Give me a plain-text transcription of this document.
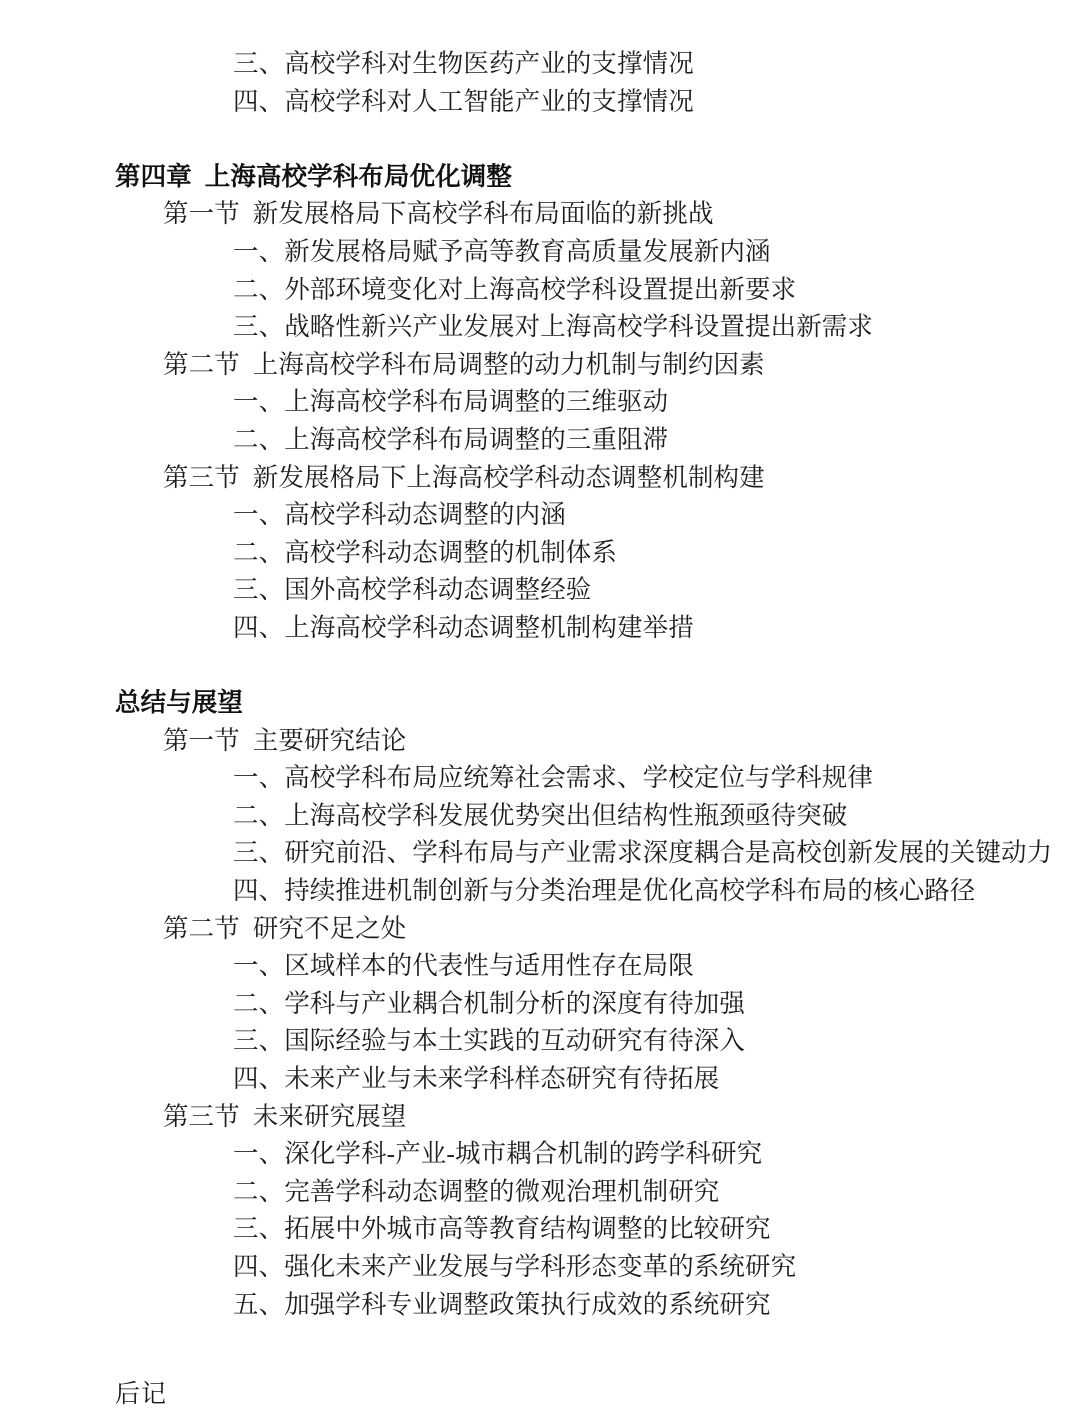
三、高校学科对生物医药产业的支撑情况
四、高校学科对人工智能产业的支撑情况
第四章  上海高校学科布局优化调整
第一节  新发展格局下高校学科布局面临的新挑战
一、新发展格局赋予高等教育高质量发展新内涵
二、外部环境变化对上海高校学科设置提出新要求
三、战略性新兴产业发展对上海高校学科设置提出新需求
第二节  上海高校学科布局调整的动力机制与制约因素
一、上海高校学科布局调整的三维驱动
二、上海高校学科布局调整的三重阻滞
第三节  新发展格局下上海高校学科动态调整机制构建
一、高校学科动态调整的内涵
二、高校学科动态调整的机制体系
三、国外高校学科动态调整经验
四、上海高校学科动态调整机制构建举措
总结与展望
第一节  主要研究结论
一、高校学科布局应统筹社会需求、学校定位与学科规律
二、上海高校学科发展优势突出但结构性瓶颈亟待突破
三、研究前沿、学科布局与产业需求深度耦合是高校创新发展的关键动力
四、持续推进机制创新与分类治理是优化高校学科布局的核心路径
第二节  研究不足之处
一、区域样本的代表性与适用性存在局限
二、学科与产业耦合机制分析的深度有待加强
三、国际经验与本土实践的互动研究有待深入
四、未来产业与未来学科样态研究有待拓展
第三节  未来研究展望
一、深化学科-产业-城市耦合机制的跨学科研究
二、完善学科动态调整的微观治理机制研究
三、拓展中外城市高等教育结构调整的比较研究
四、强化未来产业发展与学科形态变革的系统研究
五、加强学科专业调整政策执行成效的系统研究
后记
